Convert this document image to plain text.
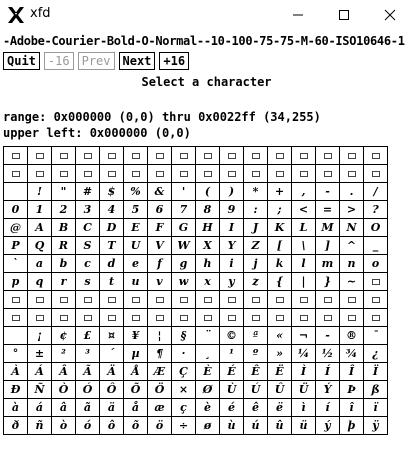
xfd
-Adobe-Courier-Bold-O-Normal--10-100-75-75-M-60-ISO10646-1
Quit	-16	Prev	Next	+16
Select a character
range: 0x000000 (0,0) thru 0x0022ff (34,255)
upper left: 0x000000 (0,0)

	!	"	#	$	%	&	'	(	)	*	+	,	-	.	/
0	1	2	3	4	5	6	7	8	9	:	;	<	=	>	?
@	A	B	C	D	E	F	G	H	I	J	K	L	M	N	O
P	Q	R	S	T	U	V	W	X	Y	Z	[	\	]	^	_
`	a	b	c	d	e	f	g	h	i	j	k	l	m	n	o
p	q	r	s	t	u	v	w	x	y	z	{	|	}	~	

	¡	¢	£	¤	¥	¦	§	¨	©	ª	«	¬	-	®	¯
°	±	²	³	´	µ	¶	·	¸	¹	º	»	¼	½	¾	¿
À	Á	Â	Ã	Ä	Å	Æ	Ç	È	É	Ê	Ë	Ì	Í	Î	Ï
Ð	Ñ	Ò	Ó	Ô	Õ	Ö	×	Ø	Ù	Ú	Û	Ü	Ý	Þ	ß
à	á	â	ã	ä	å	æ	ç	è	é	ê	ë	ì	í	î	ï
ð	ñ	ò	ó	ô	õ	ö	÷	ø	ù	ú	û	ü	ý	þ	ÿ
